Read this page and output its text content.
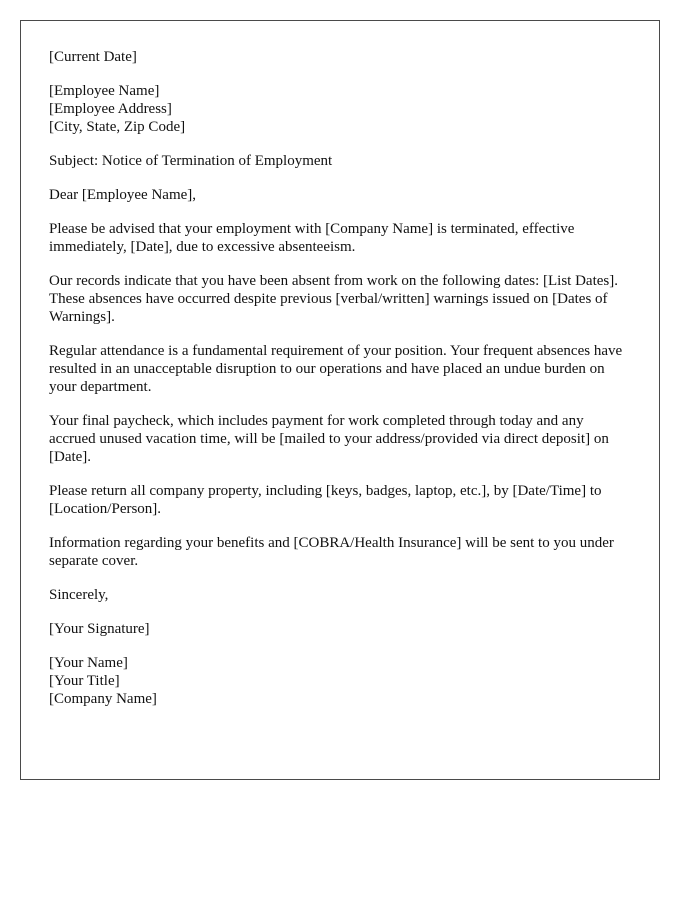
[Current Date]
[Employee Name]
[Employee Address]
[City, State, Zip Code]
Subject: Notice of Termination of Employment
Dear [Employee Name],

Please be advised that your employment with [Company Name] is terminated, effective immediately, [Date], due to excessive absenteeism.

Our records indicate that you have been absent from work on the following dates: [List Dates]. These absences have occurred despite previous [verbal/written] warnings issued on [Dates of Warnings].

Regular attendance is a fundamental requirement of your position. Your frequent absences have resulted in an unacceptable disruption to our operations and have placed an undue burden on your department.

Your final paycheck, which includes payment for work completed through today and any accrued unused vacation time, will be [mailed to your address/provided via direct deposit] on [Date].

Please return all company property, including [keys, badges, laptop, etc.], by [Date/Time] to [Location/Person].

Information regarding your benefits and [COBRA/Health Insurance] will be sent to you under separate cover.

Sincerely,
[Your Signature]
[Your Name]
[Your Title]
[Company Name]
